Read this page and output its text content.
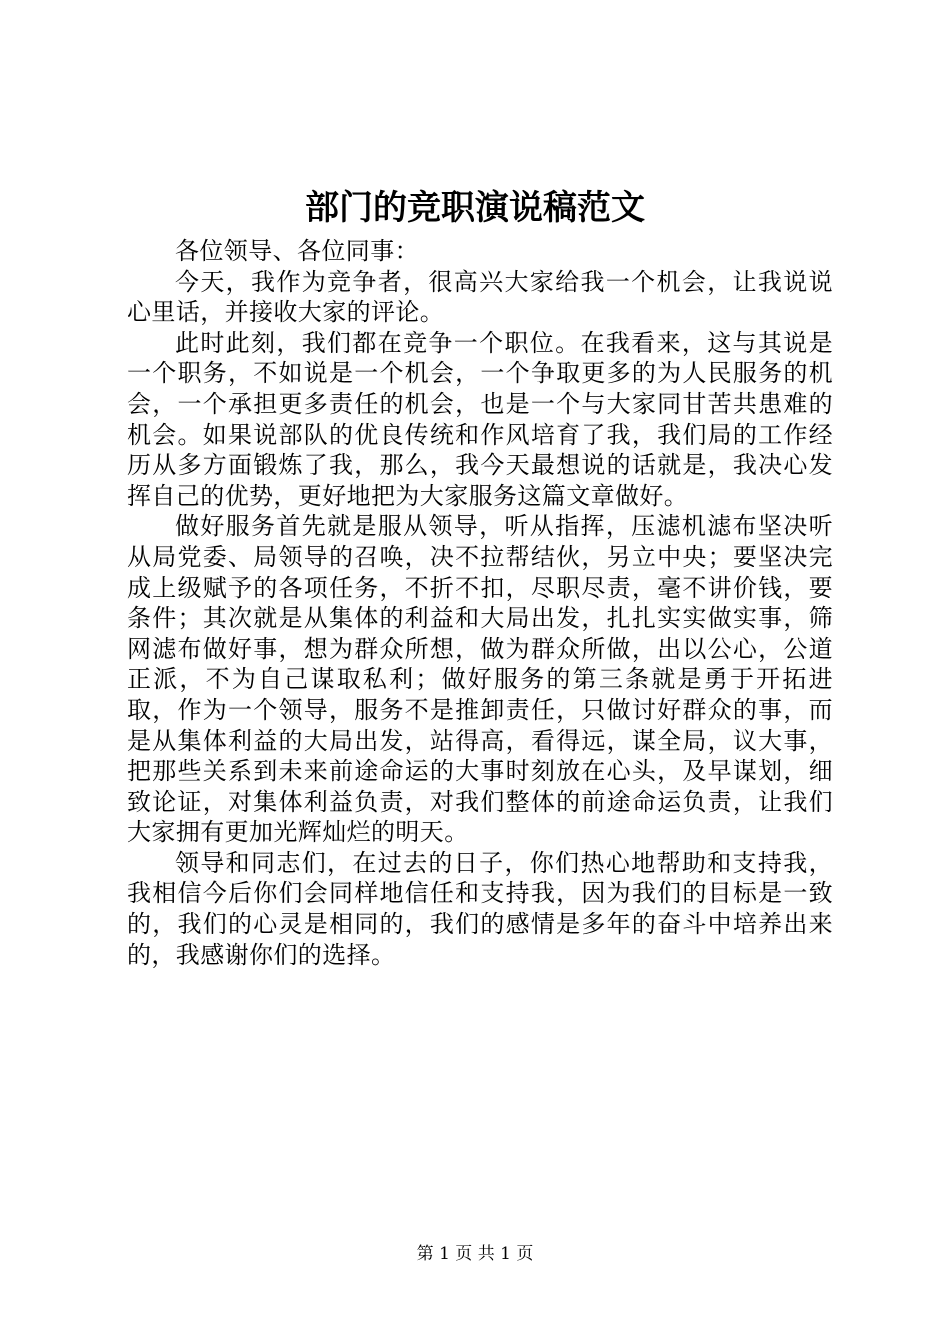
部门的竞职演说稿范文

各位领导、各位同事：

今天，我作为竞争者，很高兴大家给我一个机会，让我说说心里话，并接收大家的评论。

此时此刻，我们都在竞争一个职位。在我看来，这与其说是一个职务，不如说是一个机会，一个争取更多的为人民服务的机会，一个承担更多责任的机会，也是一个与大家同甘苦共患难的机会。如果说部队的优良传统和作风培育了我，我们局的工作经历从多方面锻炼了我，那么，我今天最想说的话就是，我决心发挥自己的优势，更好地把为大家服务这篇文章做好。

做好服务首先就是服从领导，听从指挥，压滤机滤布坚决听从局党委、局领导的召唤，决不拉帮结伙，另立中央；要坚决完成上级赋予的各项任务，不折不扣，尽职尽责，毫不讲价钱，要条件；其次就是从集体的利益和大局出发，扎扎实实做实事，筛网滤布做好事，想为群众所想，做为群众所做，出以公心，公道正派，不为自己谋取私利；做好服务的第三条就是勇于开拓进取，作为一个领导，服务不是推卸责任，只做讨好群众的事，而是从集体利益的大局出发，站得高，看得远，谋全局，议大事，把那些关系到未来前途命运的大事时刻放在心头，及早谋划，细致论证，对集体利益负责，对我们整体的前途命运负责，让我们大家拥有更加光辉灿烂的明天。

领导和同志们，在过去的日子，你们热心地帮助和支持我，我相信今后你们会同样地信任和支持我，因为我们的目标是一致的，我们的心灵是相同的，我们的感情是多年的奋斗中培养出来的，我感谢你们的选择。

第 1 页 共 1 页
